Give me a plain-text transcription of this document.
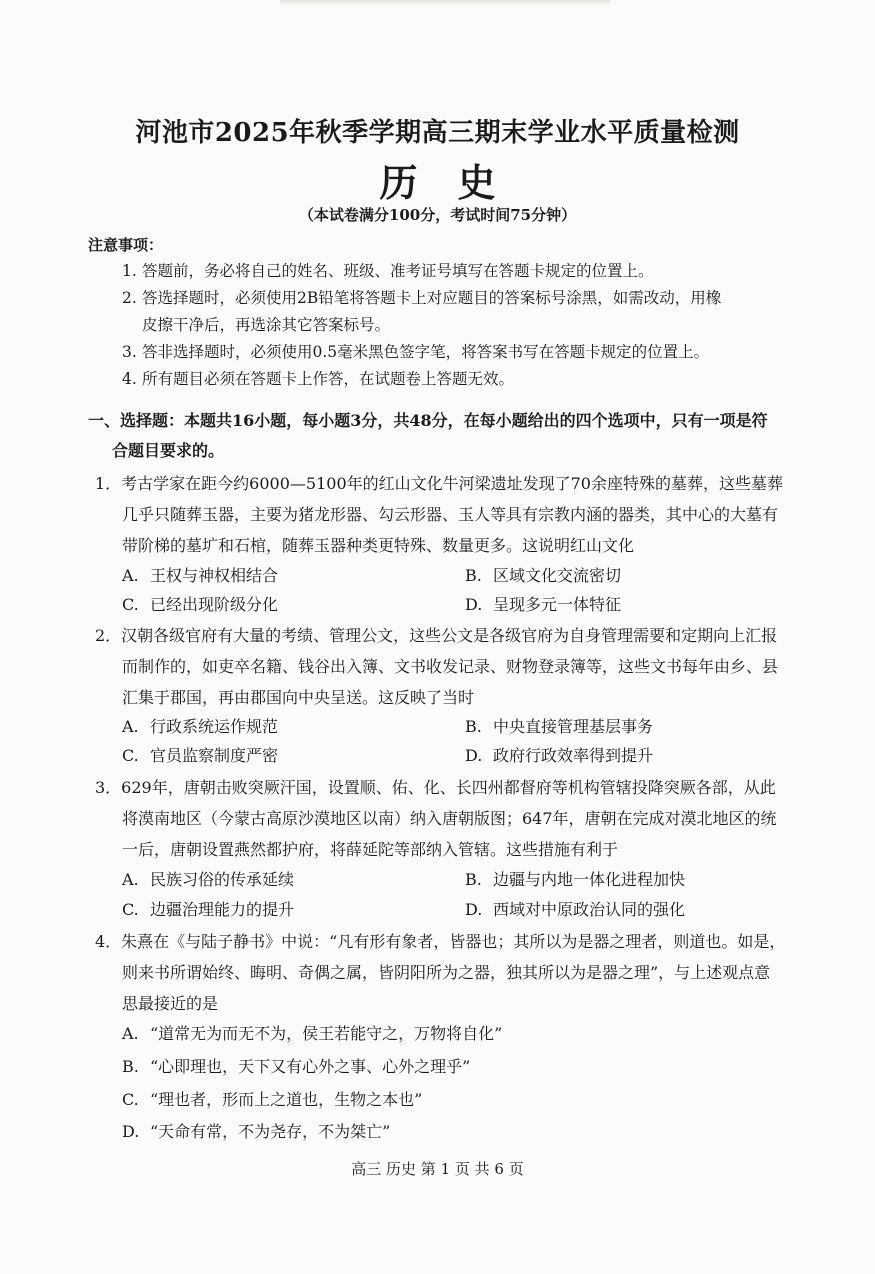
河池市2025年秋季学期高三期末学业水平质量检测
历史
（本试卷满分100分，考试时间75分钟）
注意事项：
1. 答题前，务必将自己的姓名、班级、准考证号填写在答题卡规定的位置上。
2. 答选择题时，必须使用2B铅笔将答题卡上对应题目的答案标号涂黑，如需改动，用橡
皮擦干净后，再选涂其它答案标号。
3. 答非选择题时，必须使用0.5毫米黑色签字笔，将答案书写在答题卡规定的位置上。
4. 所有题目必须在答题卡上作答，在试题卷上答题无效。
一、选择题：本题共16小题，每小题3分，共48分，在每小题给出的四个选项中，只有一项是符
合题目要求的。
1．考古学家在距今约6000—5100年的红山文化牛河梁遗址发现了70余座特殊的墓葬，这些墓葬
几乎只随葬玉器，主要为猪龙形器、勾云形器、玉人等具有宗教内涵的器类，其中心的大墓有
带阶梯的墓圹和石棺，随葬玉器种类更特殊、数量更多。这说明红山文化
A. 王权与神权相结合	B. 区域文化交流密切
C. 已经出现阶级分化	D. 呈现多元一体特征
2．汉朝各级官府有大量的考绩、管理公文，这些公文是各级官府为自身管理需要和定期向上汇报
而制作的，如吏卒名籍、钱谷出入簿、文书收发记录、财物登录簿等，这些文书每年由乡、县
汇集于郡国，再由郡国向中央呈送。这反映了当时
A. 行政系统运作规范	B. 中央直接管理基层事务
C. 官员监察制度严密	D. 政府行政效率得到提升
3．629年，唐朝击败突厥汗国，设置顺、佑、化、长四州都督府等机构管辖投降突厥各部，从此
将漠南地区（今蒙古高原沙漠地区以南）纳入唐朝版图；647年，唐朝在完成对漠北地区的统
一后，唐朝设置燕然都护府，将薛延陀等部纳入管辖。这些措施有利于
A. 民族习俗的传承延续	B. 边疆与内地一体化进程加快
C. 边疆治理能力的提升	D. 西域对中原政治认同的强化
4．朱熹在《与陆子静书》中说：“凡有形有象者，皆器也；其所以为是器之理者，则道也。如是，
则来书所谓始终、晦明、奇偶之属，皆阴阳所为之器，独其所以为是器之理”，与上述观点意
思最接近的是
A. “道常无为而无不为，侯王若能守之，万物将自化”
B. “心即理也，天下又有心外之事、心外之理乎”
C. “理也者，形而上之道也，生物之本也”
D. “天命有常，不为尧存，不为桀亡”
高三 历史 第 1 页 共 6 页
